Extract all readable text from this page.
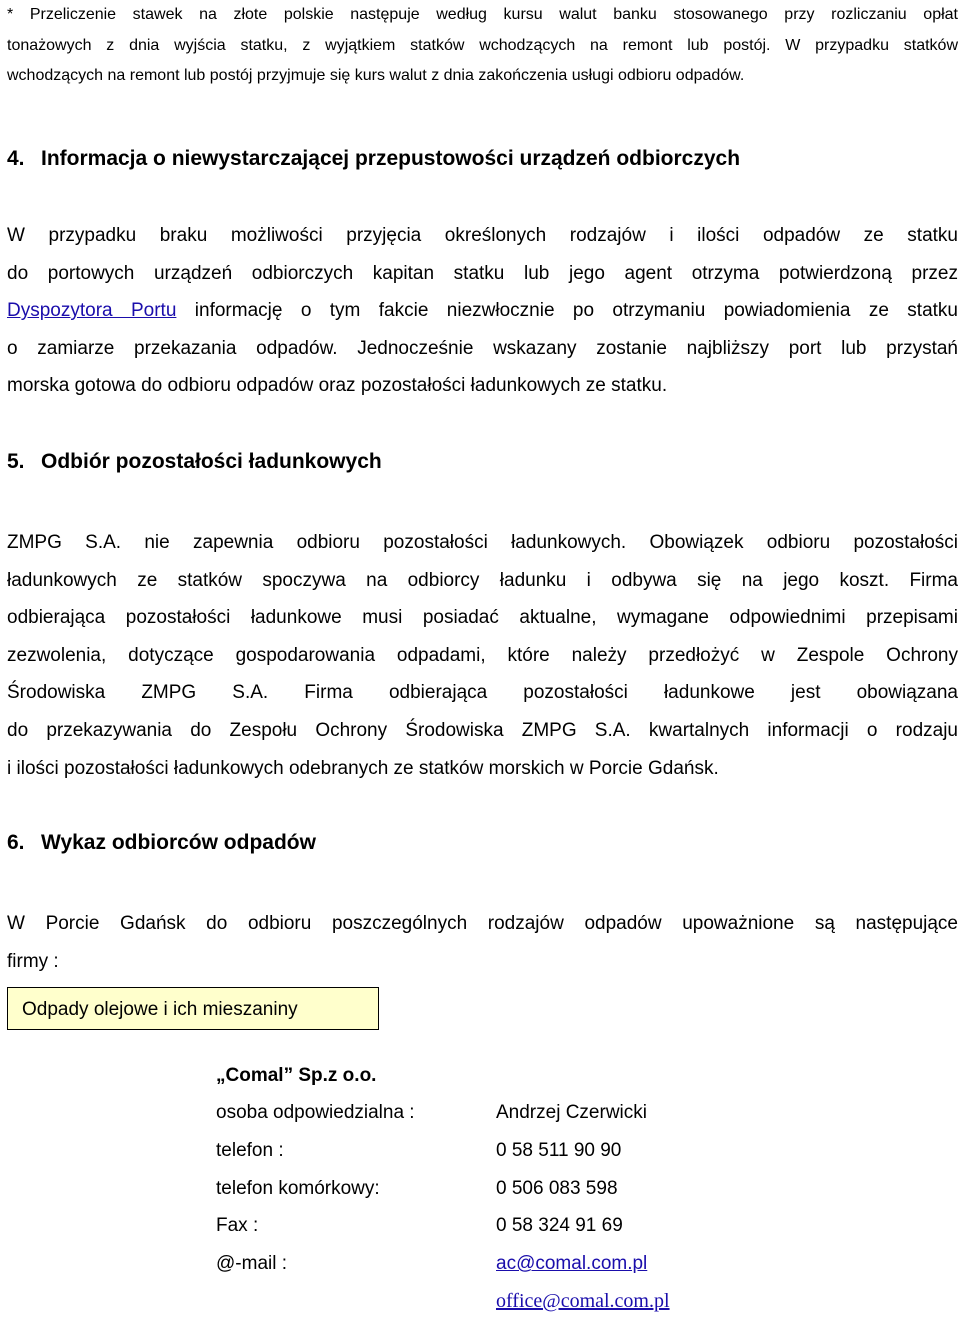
* Przeliczenie stawek na złote polskie następuje według kursu walut banku stosowanego przy rozliczaniu opłat
tonażowych z dnia wyjścia statku, z wyjątkiem statków wchodzących na remont lub postój. W przypadku statków
wchodzących na remont lub postój przyjmuje się kurs walut z dnia zakończenia usługi odbioru odpadów.
4. Informacja o niewystarczającej przepustowości urządzeń odbiorczych
W przypadku braku możliwości przyjęcia określonych rodzajów i ilości odpadów ze statku
do portowych urządzeń odbiorczych kapitan statku lub jego agent otrzyma potwierdzoną przez
Dyspozytora Portu informację o tym fakcie niezwłocznie po otrzymaniu powiadomienia ze statku
o zamiarze przekazania odpadów. Jednocześnie wskazany zostanie najbliższy port lub przystań
morska gotowa do odbioru odpadów oraz pozostałości ładunkowych ze statku.
5. Odbiór pozostałości ładunkowych
ZMPG S.A. nie zapewnia odbioru pozostałości ładunkowych. Obowiązek odbioru pozostałości
ładunkowych ze statków spoczywa na odbiorcy ładunku i odbywa się na jego koszt. Firma
odbierająca pozostałości ładunkowe musi posiadać aktualne, wymagane odpowiednimi przepisami
zezwolenia, dotyczące gospodarowania odpadami, które należy przedłożyć w Zespole Ochrony
Środowiska ZMPG S.A. Firma odbierająca pozostałości ładunkowe jest obowiązana
do przekazywania do Zespołu Ochrony Środowiska ZMPG S.A. kwartalnych informacji o rodzaju
i ilości pozostałości ładunkowych odebranych ze statków morskich w Porcie Gdańsk.
6. Wykaz odbiorców odpadów
W Porcie Gdańsk do odbioru poszczególnych rodzajów odpadów upoważnione są następujące
firmy :
Odpady olejowe i ich mieszaniny
„Comal” Sp.z o.o.
osoba odpowiedzialna :	Andrzej Czerwicki
telefon :	0 58 511 90 90
telefon komórkowy:	0 506 083 598
Fax :	0 58 324 91 69
@-mail :	ac@comal.com.pl
office@comal.com.pl
